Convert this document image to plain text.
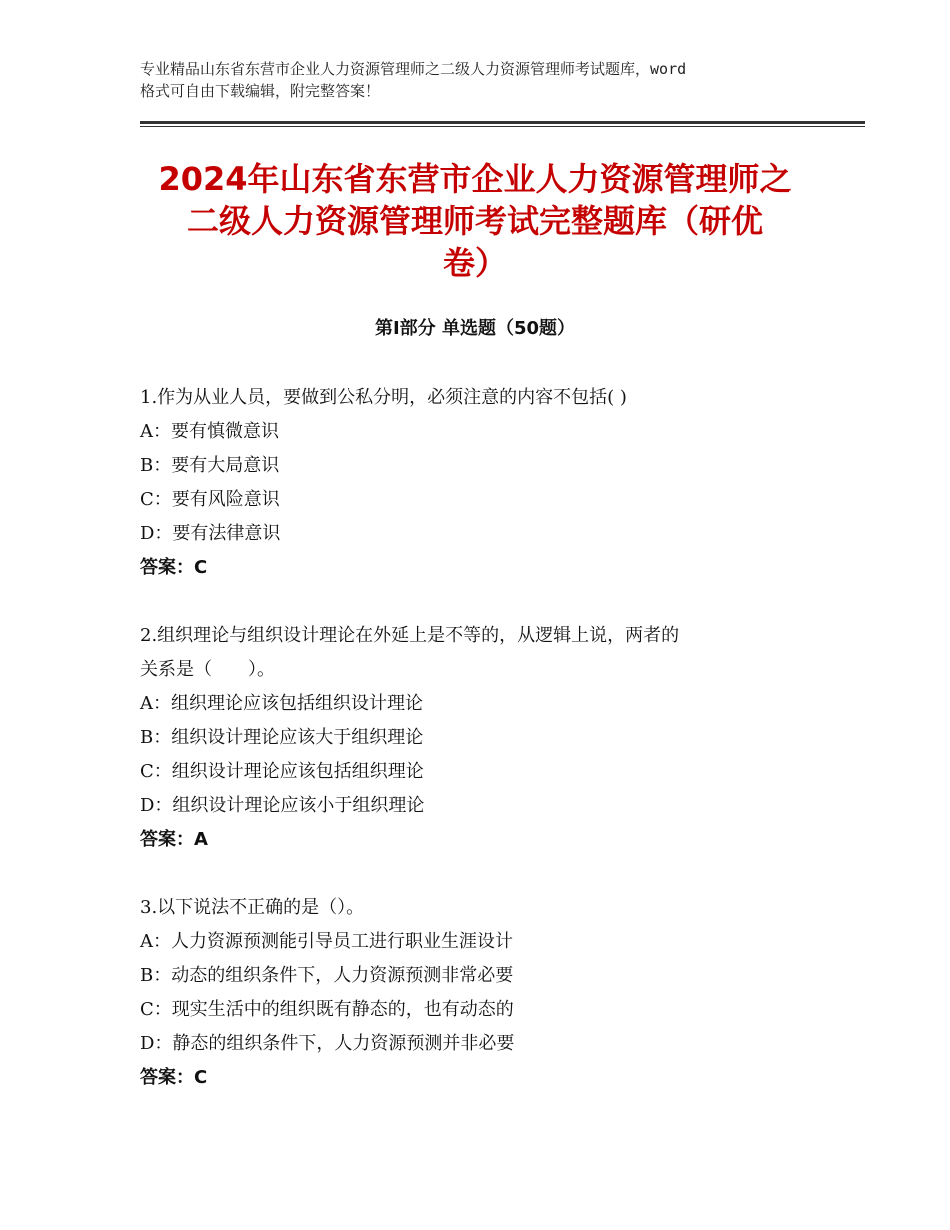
专业精品山东省东营市企业人力资源管理师之二级人力资源管理师考试题库，word
格式可自由下载编辑，附完整答案！
2024年山东省东营市企业人力资源管理师之
二级人力资源管理师考试完整题库（研优
卷）
第Ⅰ部分 单选题（50题）
1.作为从业人员，要做到公私分明，必须注意的内容不包括( )
A：要有慎微意识
B：要有大局意识
C：要有风险意识
D：要有法律意识
答案：C
2.组织理论与组织设计理论在外延上是不等的，从逻辑上说，两者的
关系是（　　）。
A：组织理论应该包括组织设计理论
B：组织设计理论应该大于组织理论
C：组织设计理论应该包括组织理论
D：组织设计理论应该小于组织理论
答案：A
3.以下说法不正确的是（）。
A：人力资源预测能引导员工进行职业生涯设计
B：动态的组织条件下，人力资源预测非常必要
C：现实生活中的组织既有静态的，也有动态的
D：静态的组织条件下，人力资源预测并非必要
答案：C
